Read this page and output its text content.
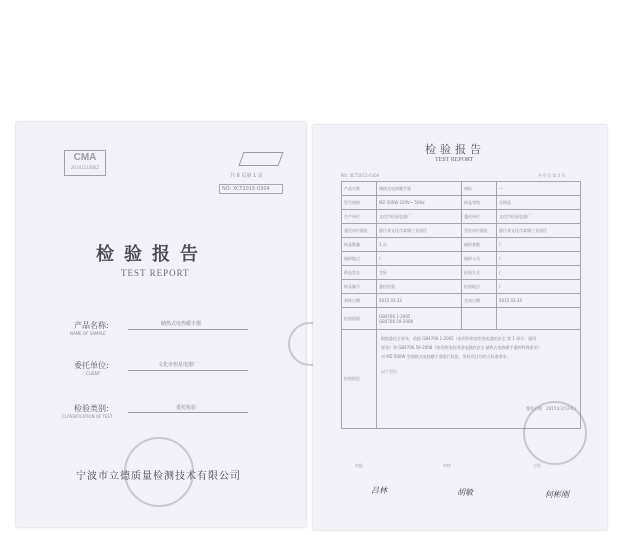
CMA
2014111080Z
共 6 页第 1 页
NO: XCT2015-0304
检验报告
TEST REPORT
产品名称:
NAME OF SAMPLE
储热式电热暖手器
委托单位:
CLIENT
文化市恒星电器厂
检验类别:
CLASSIFICATION OF TEST
委托检验
宁波市立德质量检测技术有限公司
检验报告
TEST REPORT
NO: XCT2015-0304	共 6 页 第 2 页
产品名称	储热式电热暖手器	商标	—
型号规格	MZ-500W 220V~ 50Hz	样品等级	合格品
生产单位	文化市恒星电器厂	委托单位	文化市恒星电器厂
委托单位地址	浙江省文化市某镇工业园区	受检单位地址	浙江省文化市某镇工业园区
样品数量	1 台	抽样基数	/
抽样地点	/	抽样人员	/
样品状态	完好	检验方式	/
样品编号	委托检验	检验地点	/
来样日期	2015.03.22	完成日期	2015.03.24
检验依据	GB4706.1-2005
GB4706.59-2008		
检验结论	根据委托方要求，依据 GB4706.1-2005《家用和类似用途电器的安全 第 1 部分：通用
要求》和 GB4706.59-2008《家用和类似用途电器的安全 储热式电热暖手器的特殊要求》
对 MZ-500W 型储热式电热暖手器进行检验，所检项目均符合标准要求。
以下空白
签发日期：2015年3月24日		
审批	审核	主检
吕林	胡敏	何彬刚
